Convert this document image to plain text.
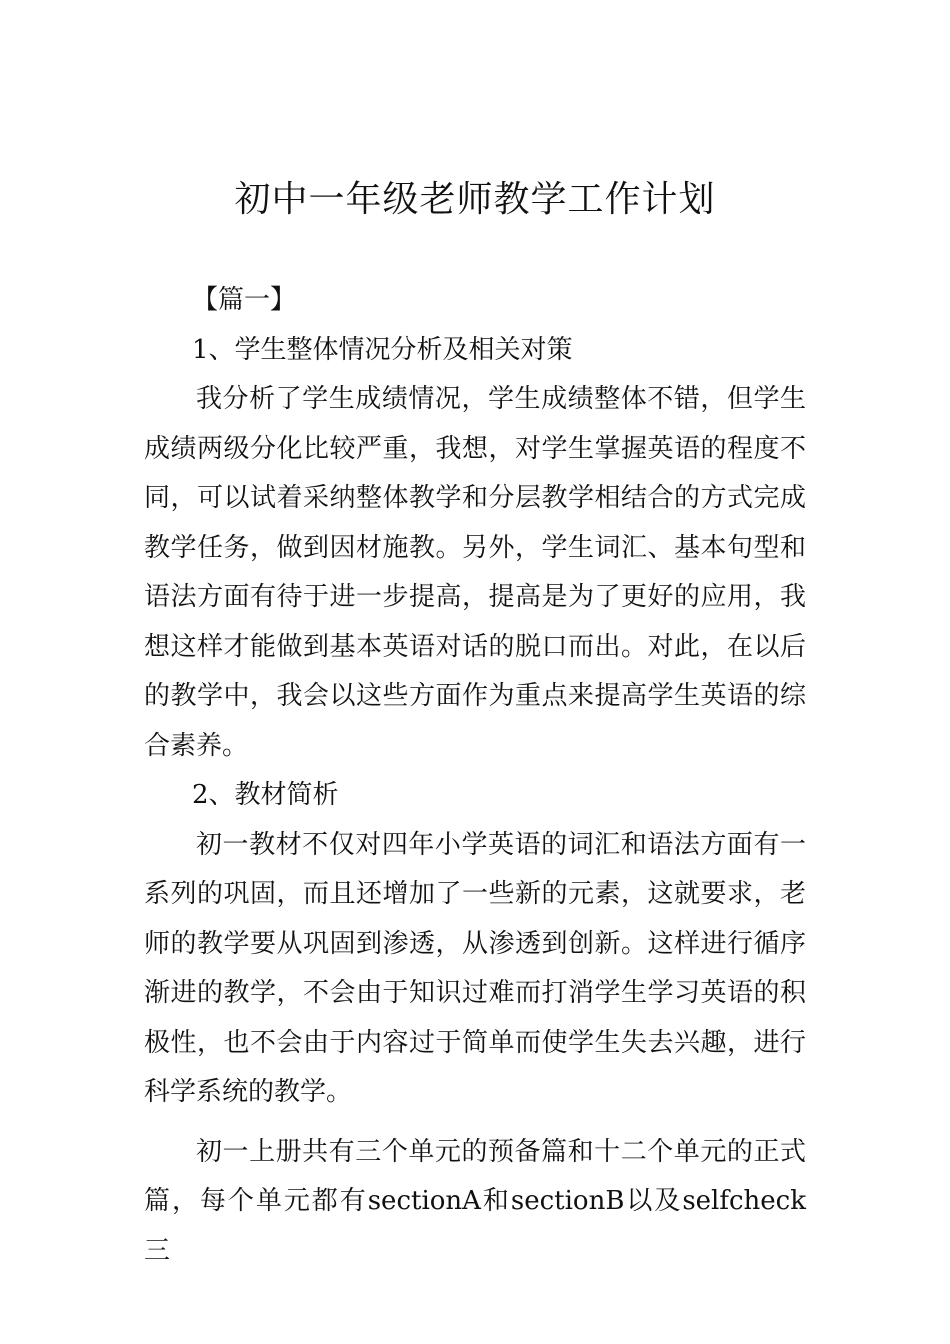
初中一年级老师教学工作计划

【篇一】

1、学生整体情况分析及相关对策

我分析了学生成绩情况，学生成绩整体不错，但学生成绩两级分化比较严重，我想，对学生掌握英语的程度不同，可以试着采纳整体教学和分层教学相结合的方式完成教学任务，做到因材施教。另外，学生词汇、基本句型和语法方面有待于进一步提高，提高是为了更好的应用，我想这样才能做到基本英语对话的脱口而出。对此，在以后的教学中，我会以这些方面作为重点来提高学生英语的综合素养。

2、教材简析

初一教材不仅对四年小学英语的词汇和语法方面有一系列的巩固，而且还增加了一些新的元素，这就要求，老师的教学要从巩固到渗透，从渗透到创新。这样进行循序渐进的教学，不会由于知识过难而打消学生学习英语的积极性，也不会由于内容过于简单而使学生失去兴趣，进行科学系统的教学。

初一上册共有三个单元的预备篇和十二个单元的正式篇，每个单元都有sectionA和sectionB以及selfcheck三
